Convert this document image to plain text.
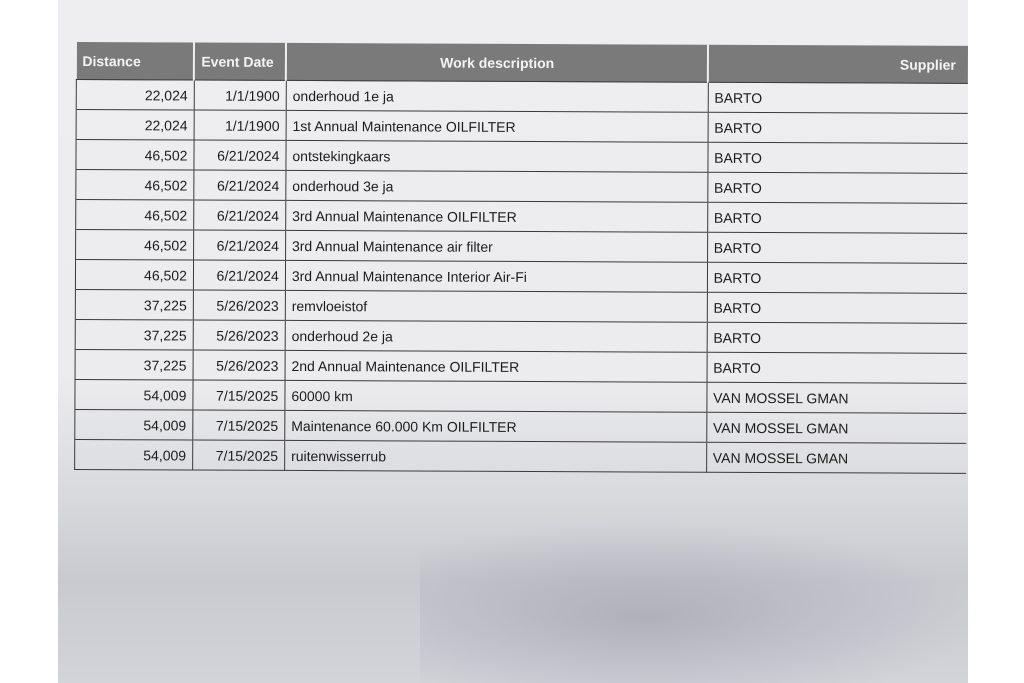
Distance	Event Date	Work description	Supplier
22,024	1/1/1900	onderhoud 1e ja	BARTO
22,024	1/1/1900	1st Annual Maintenance OILFILTER	BARTO
46,502	6/21/2024	ontstekingkaars	BARTO
46,502	6/21/2024	onderhoud 3e ja	BARTO
46,502	6/21/2024	3rd Annual Maintenance OILFILTER	BARTO
46,502	6/21/2024	3rd Annual Maintenance air filter	BARTO
46,502	6/21/2024	3rd Annual Maintenance Interior Air-Fi	BARTO
37,225	5/26/2023	remvloeistof	BARTO
37,225	5/26/2023	onderhoud 2e ja	BARTO
37,225	5/26/2023	2nd Annual Maintenance OILFILTER	BARTO
54,009	7/15/2025	60000 km	VAN MOSSEL GMAN
54,009	7/15/2025	Maintenance 60.000 Km OILFILTER	VAN MOSSEL GMAN
54,009	7/15/2025	ruitenwisserrub	VAN MOSSEL GMAN
